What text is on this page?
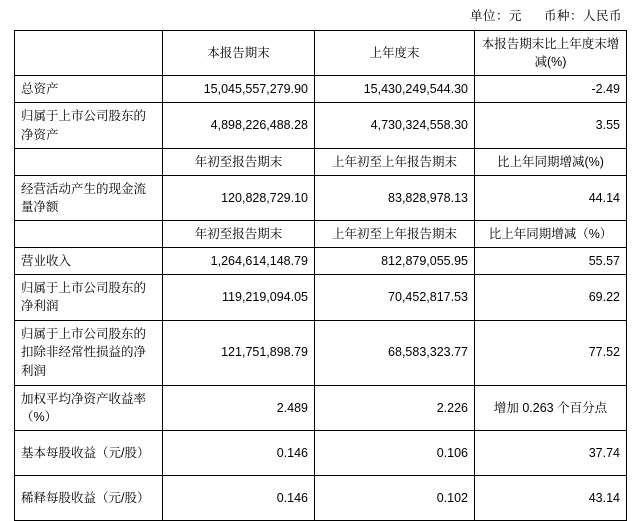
单位：元 币种：人民币
	本报告期末	上年度末	本报告期末比上年度末增减(%)
总资产	15,045,557,279.90	15,430,249,544.30	-2.49
归属于上市公司股东的净资产	4,898,226,488.28	4,730,324,558.30	3.55
	年初至报告期末	上年初至上年报告期末	比上年同期增减(%)
经营活动产生的现金流量净额	120,828,729.10	83,828,978.13	44.14
	年初至报告期末	上年初至上年报告期末	比上年同期增减（%）
营业收入	1,264,614,148.79	812,879,055.95	55.57
归属于上市公司股东的净利润	119,219,094.05	70,452,817.53	69.22
归属于上市公司股东的扣除非经常性损益的净利润	121,751,898.79	68,583,323.77	77.52
加权平均净资产收益率（%）	2.489	2.226	增加 0.263 个百分点
基本每股收益（元/股）	0.146	0.106	37.74
稀释每股收益（元/股）	0.146	0.102	43.14
